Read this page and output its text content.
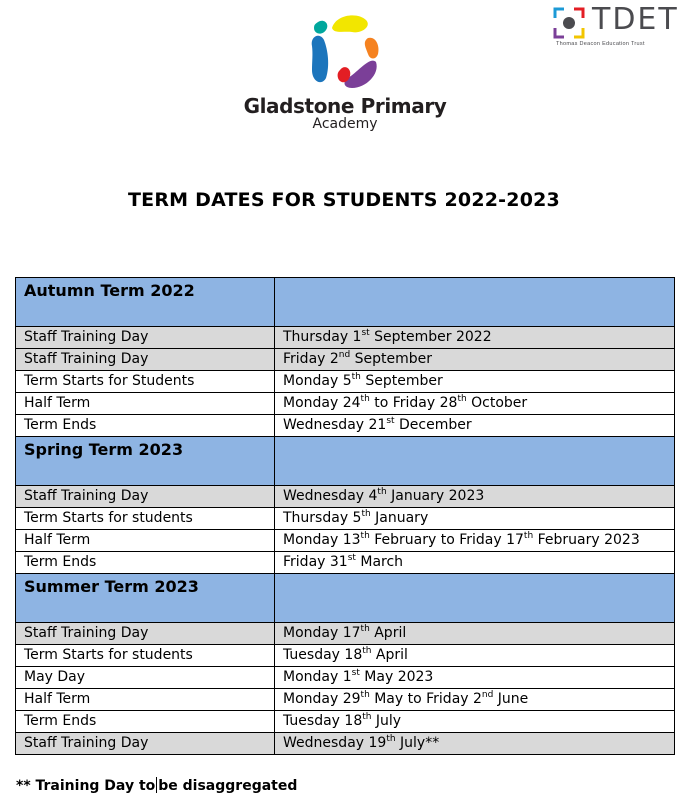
Gladstone Primary
Academy
TDET
Thomas Deacon Education Trust
TERM DATES FOR STUDENTS 2022-2023
Autumn Term 2022	
Staff Training Day	Thursday 1st September 2022
Staff Training Day	Friday 2nd September
Term Starts for Students	Monday 5th September
Half Term	Monday 24th to Friday 28th October
Term Ends	Wednesday 21st December
Spring Term 2023	
Staff Training Day	Wednesday 4th January 2023
Term Starts for students	Thursday 5th January
Half Term	Monday 13th February to Friday 17th February 2023
Term Ends	Friday 31st March
Summer Term 2023	
Staff Training Day	Monday 17th April
Term Starts for students	Tuesday 18th April
May Day	Monday 1st May 2023
Half Term	Monday 29th May to Friday 2nd June
Term Ends	Tuesday 18th July
Staff Training Day	Wednesday 19th July**
** Training Day to be disaggregated
